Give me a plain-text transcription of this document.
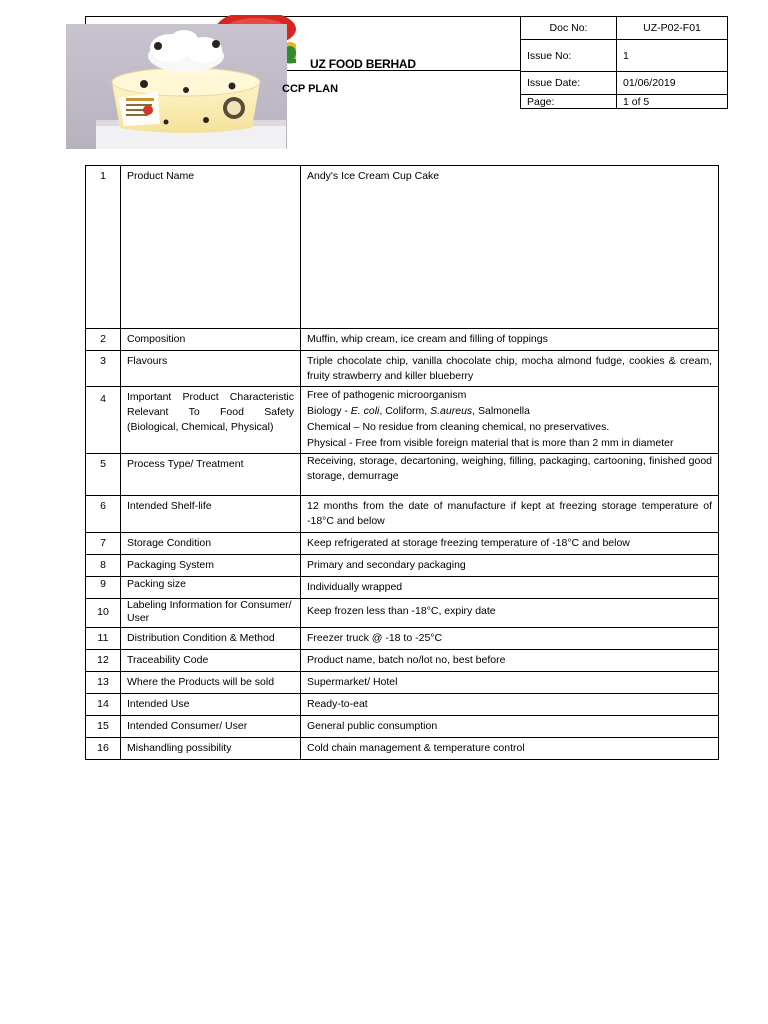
UZ FOOD BERHAD
CCP PLAN
Doc No:	UZ-P02-F01
Issue No:	1
Issue Date:	01/06/2019
Page:	1 of 5
1	Product Name	Andy's Ice Cream Cup Cake
2	Composition	Muffin, whip cream, ice cream and filling of toppings
3	Flavours	Triple chocolate chip, vanilla chocolate chip, mocha almond fudge, cookies & cream, fruity strawberry and killer blueberry
4	Important Product Characteristic Relevant To Food Safety (Biological, Chemical, Physical)	Free of pathogenic microorganism
Biology - E. coli, Coliform, S.aureus, Salmonella
Chemical – No residue from cleaning chemical, no preservatives.
Physical - Free from visible foreign material that is more than 2 mm in diameter

5	Process Type/ Treatment	Receiving, storage, decartoning, weighing, filling, packaging, cartooning, finished good storage, demurrage
6	Intended Shelf-life	12 months from the date of manufacture if kept at freezing storage temperature of -18°C and below
7	Storage Condition	Keep refrigerated at storage freezing temperature of -18°C and below
8	Packaging System	Primary and secondary packaging
9	Packing size	Individually wrapped
10	Labeling Information for Consumer/ User	Keep frozen less than -18°C, expiry date
11	Distribution Condition & Method	Freezer truck @ -18 to -25°C
12	Traceability Code	Product name, batch no/lot no, best before
13	Where the Products will be sold	Supermarket/ Hotel
14	Intended Use	Ready-to-eat
15	Intended Consumer/ User	General public consumption
16	Mishandling possibility	Cold chain management & temperature control
